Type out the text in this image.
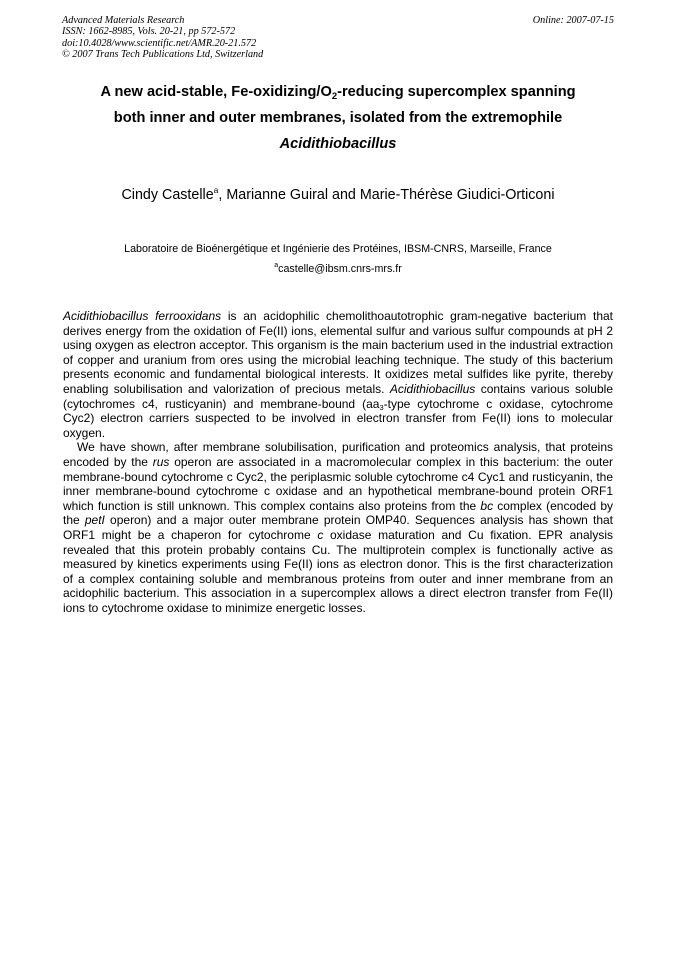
Advanced Materials Research
ISSN: 1662-8985, Vols. 20-21, pp 572-572
doi:10.4028/www.scientific.net/AMR.20-21.572
© 2007 Trans Tech Publications Ltd, Switzerland
Online: 2007-07-15
A new acid-stable, $Fe-oxidizing/O_2$-reducing supercomplex spanning
both inner and outer membranes, isolated from the extremophile
Acidithiobacillus
Cindy Castelle$^a$, Marianne Guiral and Marie-Thérèse Giudici-Orticoni
Laboratoire de Bioénergétique et Ingénierie des Protéines, IBSM-CNRS, Marseille, France
$^a$castelle@ibsm.cnrs-mrs.fr

Acidithiobacillus ferrooxidans is an acidophilic chemolithoautotrophic gram-negative bacterium that derives energy from the oxidation of Fe(II) ions, elemental sulfur and various sulfur compounds at pH 2 using oxygen as electron acceptor. This organism is the main bacterium used in the industrial extraction of copper and uranium from ores using the microbial leaching technique. The study of this bacterium presents economic and fundamental biological interests. It oxidizes metal sulfides like pyrite, thereby enabling solubilisation and valorization of precious metals. Acidithiobacillus contains various soluble (cytochromes c4, rusticyanin) and membrane-bound ($aa_3$-type cytochrome c oxidase, cytochrome Cyc2) electron carriers suspected to be involved in electron transfer from Fe(II) ions to molecular oxygen.

We have shown, after membrane solubilisation, purification and proteomics analysis, that proteins encoded by the rus operon are associated in a macromolecular complex in this bacterium: the outer membrane-bound cytochrome c Cyc2, the periplasmic soluble cytochrome c4 Cyc1 and rusticyanin, the inner membrane-bound cytochrome c oxidase and an hypothetical membrane-bound protein ORF1 which function is still unknown. This complex contains also proteins from the bc complex (encoded by the petI operon) and a major outer membrane protein OMP40. Sequences analysis has shown that ORF1 might be a chaperon for cytochrome c oxidase maturation and Cu fixation. EPR analysis revealed that this protein probably contains Cu. The multiprotein complex is functionally active as measured by kinetics experiments using Fe(II) ions as electron donor. This is the first characterization of a complex containing soluble and membranous proteins from outer and inner membrane from an acidophilic bacterium. This association in a supercomplex allows a direct electron transfer from Fe(II) ions to cytochrome oxidase to minimize energetic losses.
